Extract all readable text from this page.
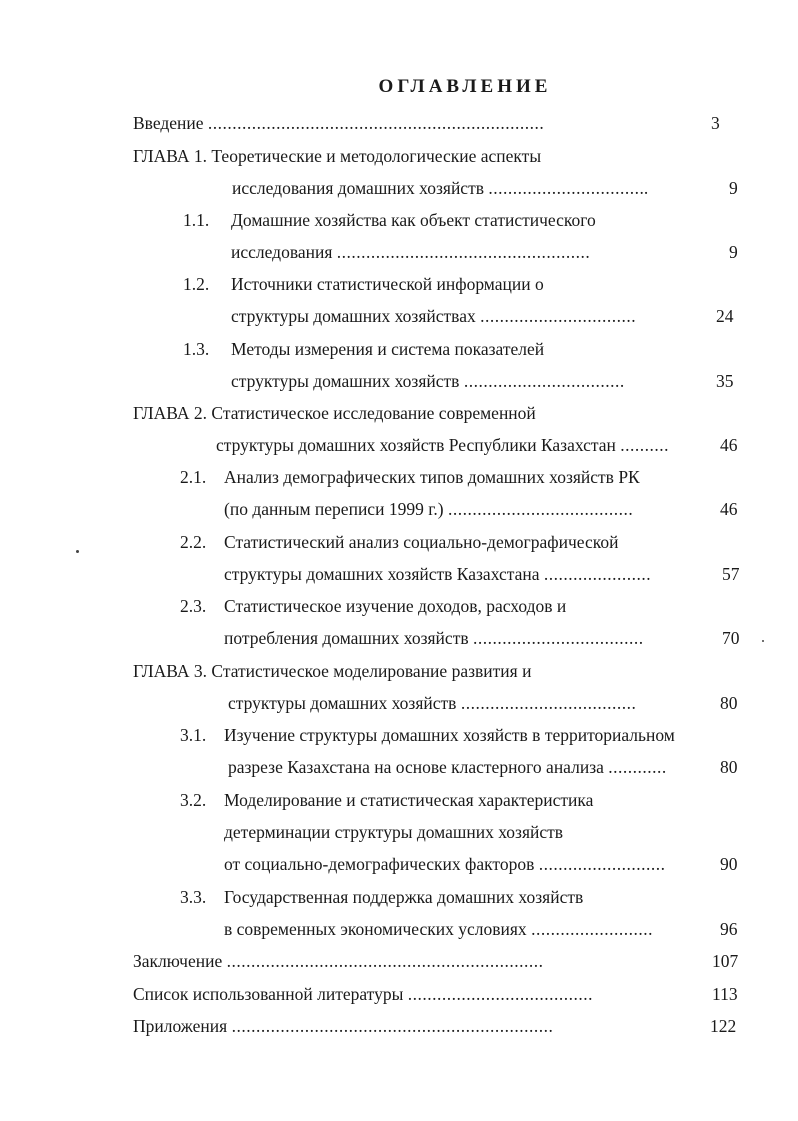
ОГЛАВЛЕНИЕ
Введение .....................................................................	3
ГЛАВА 1. Теоретические и методологические аспекты
исследования домашних хозяйств .................................	9
1.1. Домашние хозяйства как объект статистического
исследования ....................................................	9
1.2. Источники статистической информации о
структуры домашних хозяйствах ................................	24
1.3. Методы измерения и система показателей
структуры домашних хозяйств .................................	35
ГЛАВА 2. Статистическое исследование современной
структуры домашних хозяйств Республики Казахстан ..........	46
2.1. Анализ демографических типов домашних хозяйств РК
(по данным переписи 1999 г.) ......................................	46
2.2. Статистический анализ социально-демографической
структуры домашних хозяйств Казахстана ......................	57
2.3. Статистическое изучение доходов, расходов и
потребления домашних хозяйств ...................................	70
ГЛАВА 3. Статистическое моделирование развития и
структуры домашних хозяйств ....................................	80
3.1. Изучение структуры домашних хозяйств в территориальном
разрезе Казахстана на основе кластерного анализа ............	80
3.2. Моделирование и статистическая характеристика
детерминации структуры домашних хозяйств
от социально-демографических факторов ..........................	90
3.3. Государственная поддержка домашних хозяйств
в современных экономических условиях .........................	96
Заключение .................................................................	107
Список использованной литературы ......................................	113
Приложения ..................................................................	122
